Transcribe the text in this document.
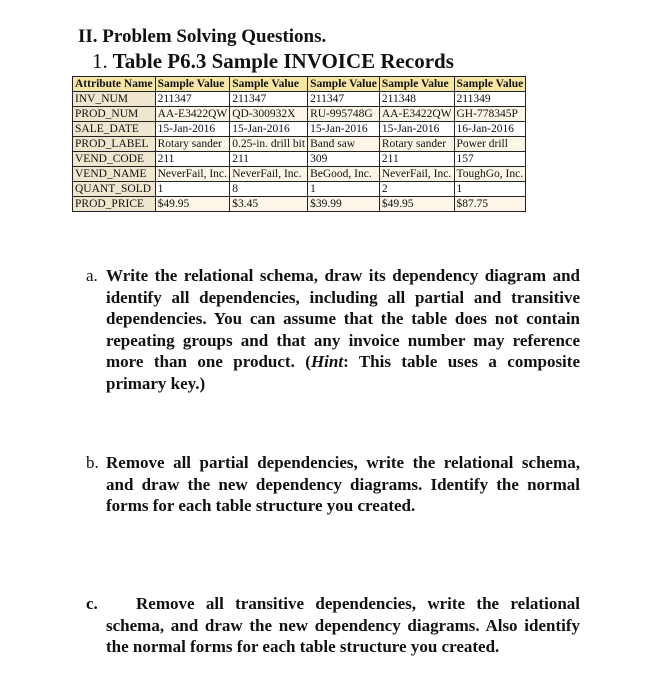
II. Problem Solving Questions.
1. Table P6.3 Sample INVOICE Records
Attribute Name	Sample Value	Sample Value	Sample Value	Sample Value	Sample Value
INV_NUM	211347	211347	211347	211348	211349
PROD_NUM	AA-E3422QW	QD-300932X	RU-995748G	AA-E3422QW	GH-778345P
SALE_DATE	15-Jan-2016	15-Jan-2016	15-Jan-2016	15-Jan-2016	16-Jan-2016
PROD_LABEL	Rotary sander	0.25-in. drill bit	Band saw	Rotary sander	Power drill
VEND_CODE	211	211	309	211	157
VEND_NAME	NeverFail, Inc.	NeverFail, Inc.	BeGood, Inc.	NeverFail, Inc.	ToughGo, Inc.
QUANT_SOLD	1	8	1	2	1
PROD_PRICE	$49.95	$3.45	$39.99	$49.95	$87.75

a. Write the relational schema, draw its dependency diagram and identify all dependencies, including all partial and transitive dependencies. You can assume that the table does not contain repeating groups and that any invoice number may reference more than one product. (Hint: This table uses a composite primary key.)

b. Remove all partial dependencies, write the relational schema, and draw the new dependency diagrams. Identify the normal forms for each table structure you created.

c. Remove all transitive dependencies, write the relational schema, and draw the new dependency diagrams. Also identify the normal forms for each table structure you created.
